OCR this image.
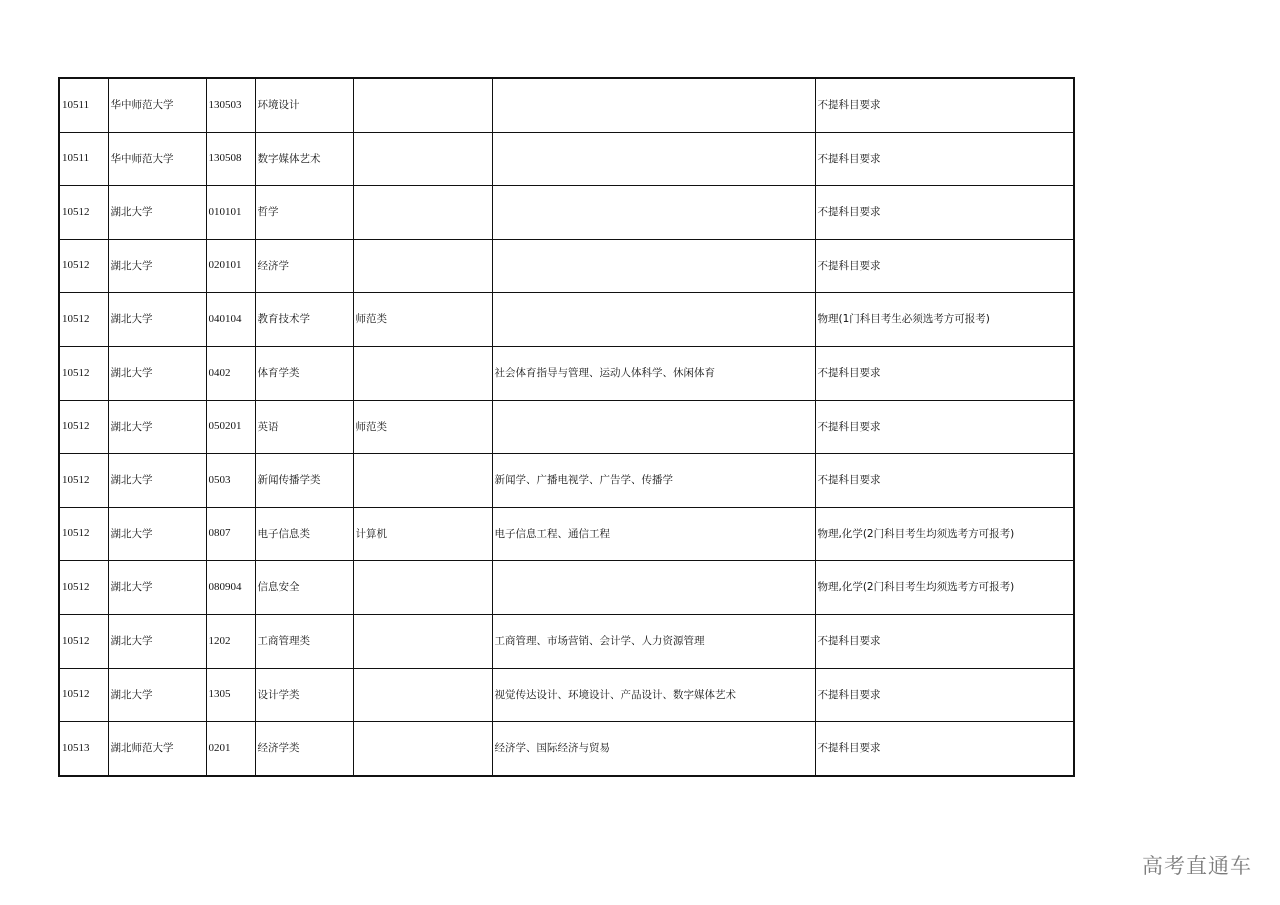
10511	华中师范大学	130503	环境设计			不提科目要求
10511	华中师范大学	130508	数字媒体艺术			不提科目要求
10512	湖北大学	010101	哲学			不提科目要求
10512	湖北大学	020101	经济学			不提科目要求
10512	湖北大学	040104	教育技术学	师范类		物理(1门科目考生必须选考方可报考)
10512	湖北大学	0402	体育学类		社会体育指导与管理、运动人体科学、休闲体育	不提科目要求
10512	湖北大学	050201	英语	师范类		不提科目要求
10512	湖北大学	0503	新闻传播学类		新闻学、广播电视学、广告学、传播学	不提科目要求
10512	湖北大学	0807	电子信息类	计算机	电子信息工程、通信工程	物理,化学(2门科目考生均须选考方可报考)
10512	湖北大学	080904	信息安全			物理,化学(2门科目考生均须选考方可报考)
10512	湖北大学	1202	工商管理类		工商管理、市场营销、会计学、人力资源管理	不提科目要求
10512	湖北大学	1305	设计学类		视觉传达设计、环境设计、产品设计、数字媒体艺术	不提科目要求
10513	湖北师范大学	0201	经济学类		经济学、国际经济与贸易	不提科目要求
高考直通车
